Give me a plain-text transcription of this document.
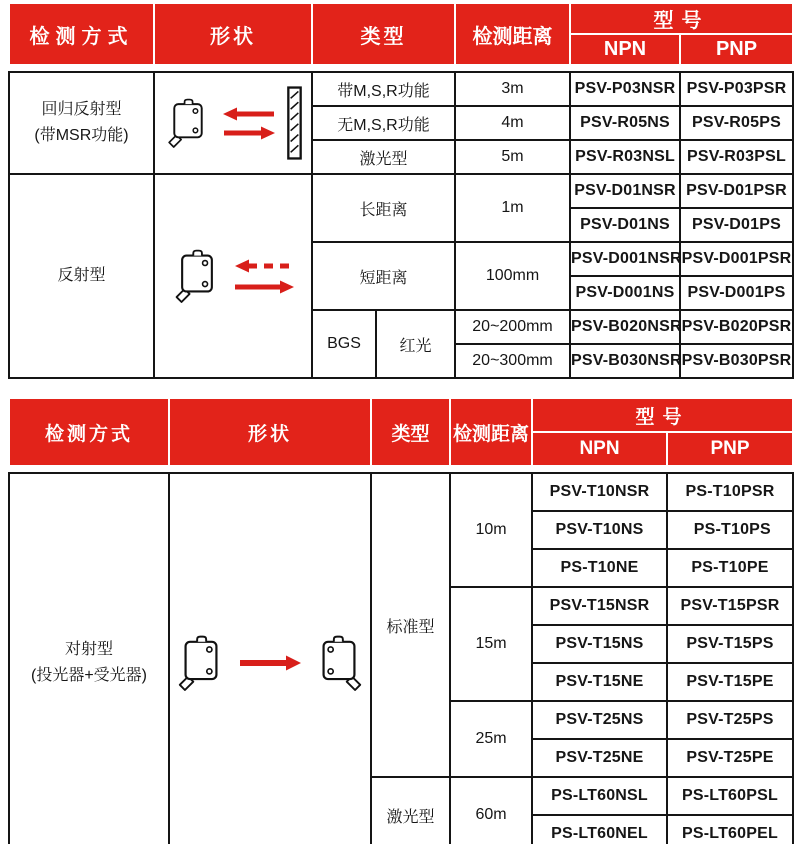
检测方式	形状	类型	检测距离	型号	
				NPN	PNP
回归反射型
(带MSR功能)		带M,S,R功能		3m	PSV-P03NSR	PSV-P03PSR
		无M,S,R功能		4m	PSV-R05NS	PSV-R05PS
		激光型		5m	PSV-R03NSL	PSV-R03PSL

反射型		长距离		1m	PSV-D01NSR	PSV-D01PSR
					PSV-D01NS	PSV-D01PS
		短距离		100mm	PSV-D001NSR	PSV-D001PSR
					PSV-D001NS	PSV-D001PS
		BGS	红光	20~200mm	PSV-B020NSR	PSV-B020PSR
				20~300mm	PSV-B030NSR	PSV-B030PSR
检测方式	形状	类型	检测距离	型号	
				NPN	PNP
对射型
(投光器+受光器)		标准型	10m	PSV-T10NSR	PS-T10PSR
				PSV-T10NS	PS-T10PS
				PS-T10NE	PS-T10PE
			15m	PSV-T15NSR	PSV-T15PSR
				PSV-T15NS	PSV-T15PS
				PSV-T15NE	PSV-T15PE
			25m	PSV-T25NS	PSV-T25PS
				PSV-T25NE	PSV-T25PE
		激光型	60m	PS-LT60NSL	PS-LT60PSL
				PS-LT60NEL	PS-LT60PEL
